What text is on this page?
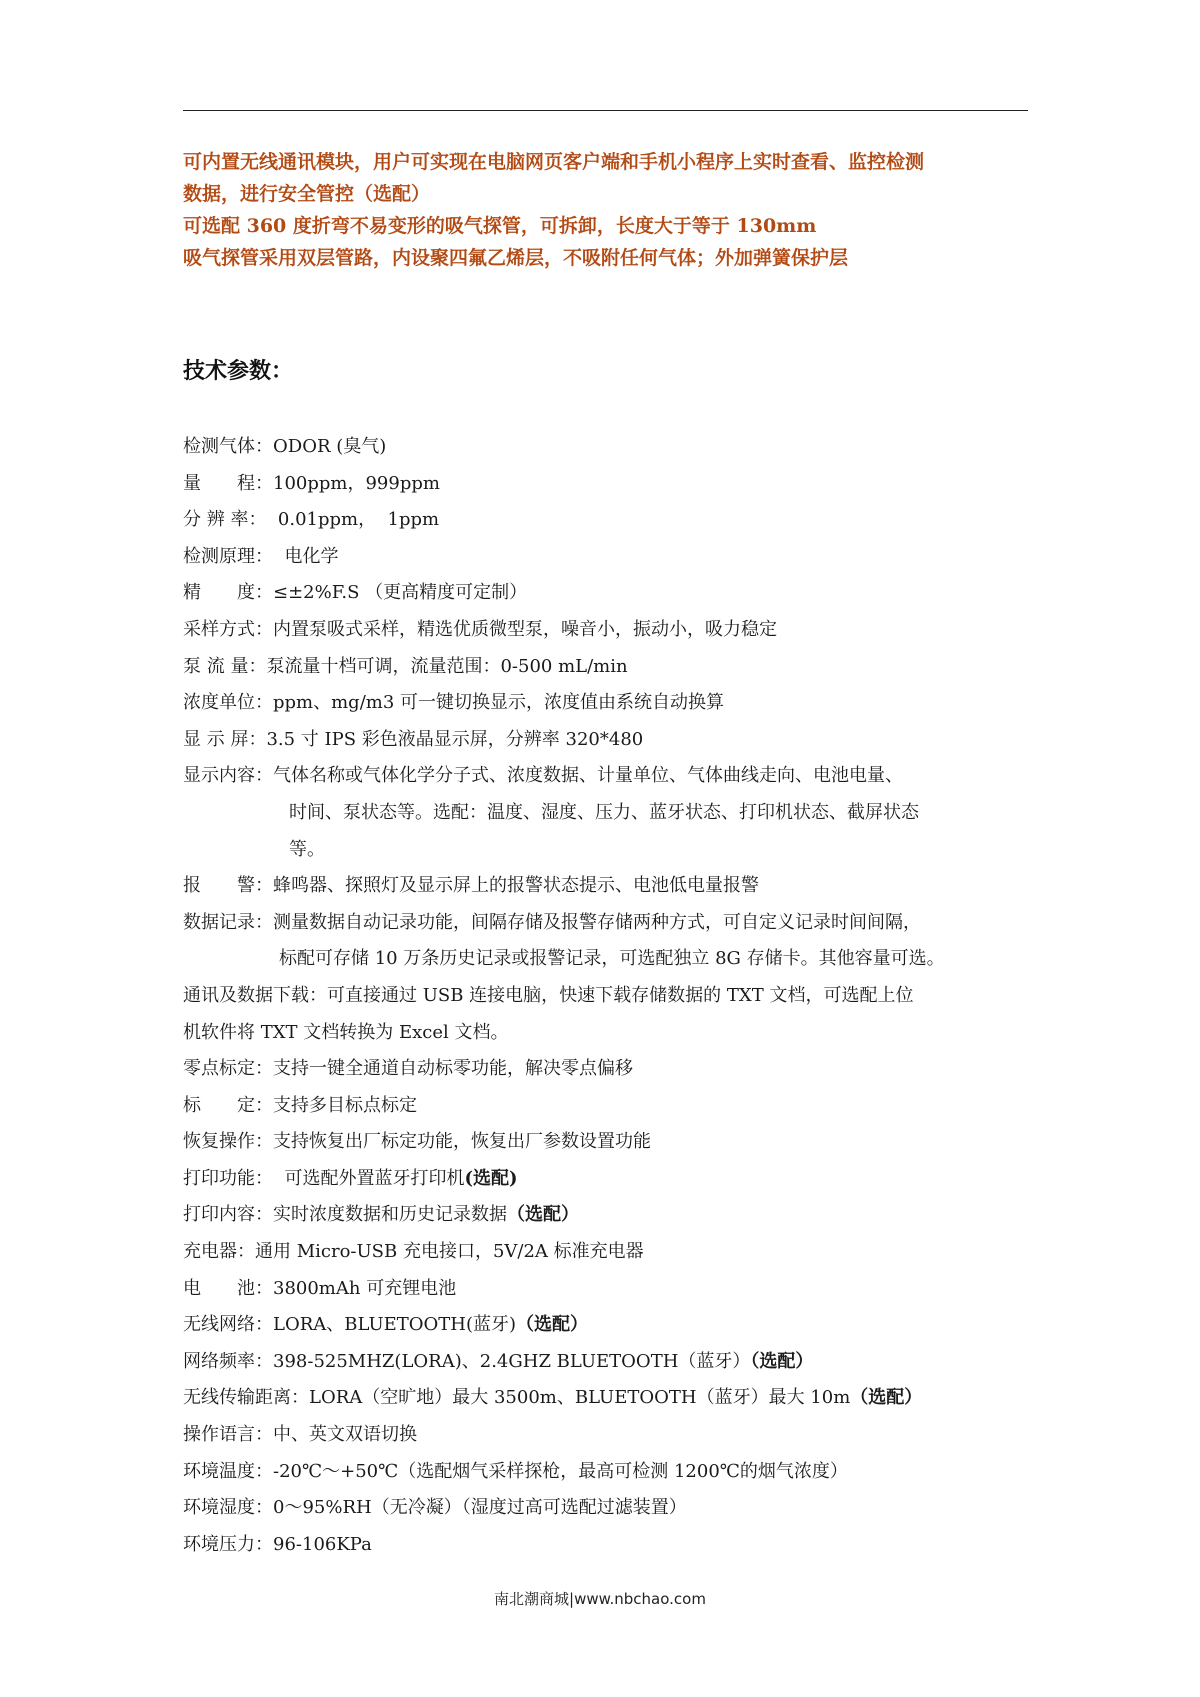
可内置无线通讯模块，用户可实现在电脑网页客户端和手机小程序上实时查看、监控检测
数据，进行安全管控（选配）
可选配 360 度折弯不易变形的吸气探管，可拆卸，长度大于等于 130mm
吸气探管采用双层管路，内设聚四氟乙烯层，不吸附任何气体；外加弹簧保护层
技术参数：
检测气体：ODOR (臭气)
量　　程：100ppm，999ppm
分 辨 率：  0.01ppm，  1ppm
检测原理：  电化学
精　　度：≤±2%F.S （更高精度可定制）
采样方式：内置泵吸式采样，精选优质微型泵，噪音小，振动小，吸力稳定
泵 流 量：泵流量十档可调，流量范围：0-500 mL/min
浓度单位：ppm、mg/m3 可一键切换显示，浓度值由系统自动换算
显 示 屏：3.5 寸 IPS 彩色液晶显示屏，分辨率 320*480
显示内容：气体名称或气体化学分子式、浓度数据、计量单位、气体曲线走向、电池电量、
时间、泵状态等。选配：温度、湿度、压力、蓝牙状态、打印机状态、截屏状态
等。
报　　警：蜂鸣器、探照灯及显示屏上的报警状态提示、电池低电量报警
数据记录：测量数据自动记录功能，间隔存储及报警存储两种方式，可自定义记录时间间隔，
标配可存储 10 万条历史记录或报警记录，可选配独立 8G 存储卡。其他容量可选。
通讯及数据下载：可直接通过 USB 连接电脑，快速下载存储数据的 TXT 文档，可选配上位
机软件将 TXT 文档转换为 Excel 文档。
零点标定：支持一键全通道自动标零功能，解决零点偏移
标　　定：支持多目标点标定
恢复操作：支持恢复出厂标定功能，恢复出厂参数设置功能
打印功能：  可选配外置蓝牙打印机(选配)
打印内容：实时浓度数据和历史记录数据（选配）
充电器：通用 Micro-USB 充电接口，5V/2A 标准充电器
电　　池：3800mAh 可充锂电池
无线网络：LORA、BLUETOOTH(蓝牙)（选配）
网络频率：398-525MHZ(LORA)、2.4GHZ BLUETOOTH（蓝牙）（选配）
无线传输距离：LORA（空旷地）最大 3500m、BLUETOOTH（蓝牙）最大 10m（选配）
操作语言：中、英文双语切换
环境温度：-20℃～+50℃（选配烟气采样探枪，最高可检测 1200℃的烟气浓度）
环境湿度：0～95%RH（无冷凝）（湿度过高可选配过滤装置）
环境压力：96-106KPa
南北潮商城|www.nbchao.com
